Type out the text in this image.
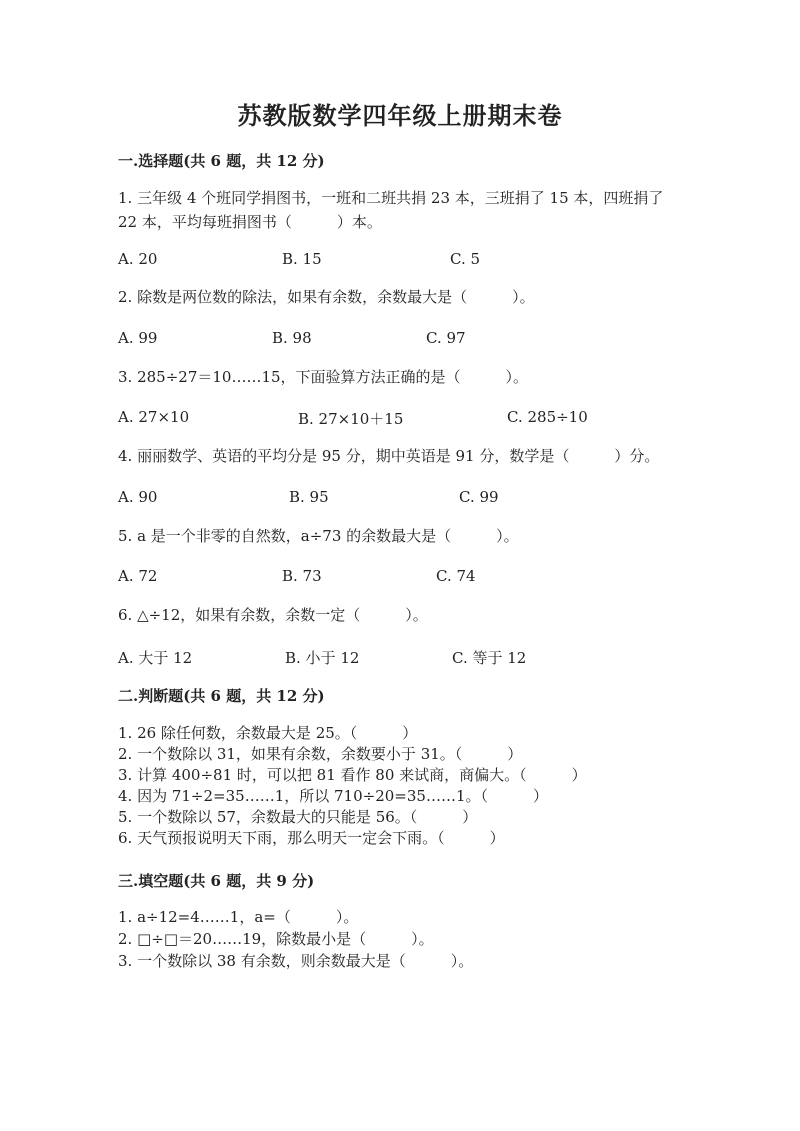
苏教版数学四年级上册期末卷
一.选择题(共 6 题，共 12 分)
1. 三年级 4 个班同学捐图书，一班和二班共捐 23 本，三班捐了 15 本，四班捐了 22 本，平均每班捐图书（　　　）本。
A. 20	B. 15	C. 5
2. 除数是两位数的除法，如果有余数，余数最大是（　　　）。
A. 99	B. 98	C. 97
3. 285÷27＝10……15，下面验算方法正确的是（　　　）。
A. 27×10	B. 27×10＋15	C. 285÷10
4. 丽丽数学、英语的平均分是 95 分，期中英语是 91 分，数学是（　　　）分。
A. 90	B. 95	C. 99
5. a 是一个非零的自然数，a÷73 的余数最大是（　　　）。
A. 72	B. 73	C. 74
6. △÷12，如果有余数，余数一定（　　　）。
A. 大于 12	B. 小于 12	C. 等于 12
二.判断题(共 6 题，共 12 分)
1. 26 除任何数，余数最大是 25。（　　　）
2. 一个数除以 31，如果有余数，余数要小于 31。（　　　）
3. 计算 400÷81 时，可以把 81 看作 80 来试商，商偏大。（　　　）
4. 因为 71÷2=35……1，所以 710÷20=35……1。（　　　）
5. 一个数除以 57，余数最大的只能是 56。（　　　）
6. 天气预报说明天下雨，那么明天一定会下雨。（　　　）
三.填空题(共 6 题，共 9 分)
1. a÷12=4……1，a=（　　　）。
2. □÷□＝20……19，除数最小是（　　　）。
3. 一个数除以 38 有余数，则余数最大是（　　　）。
